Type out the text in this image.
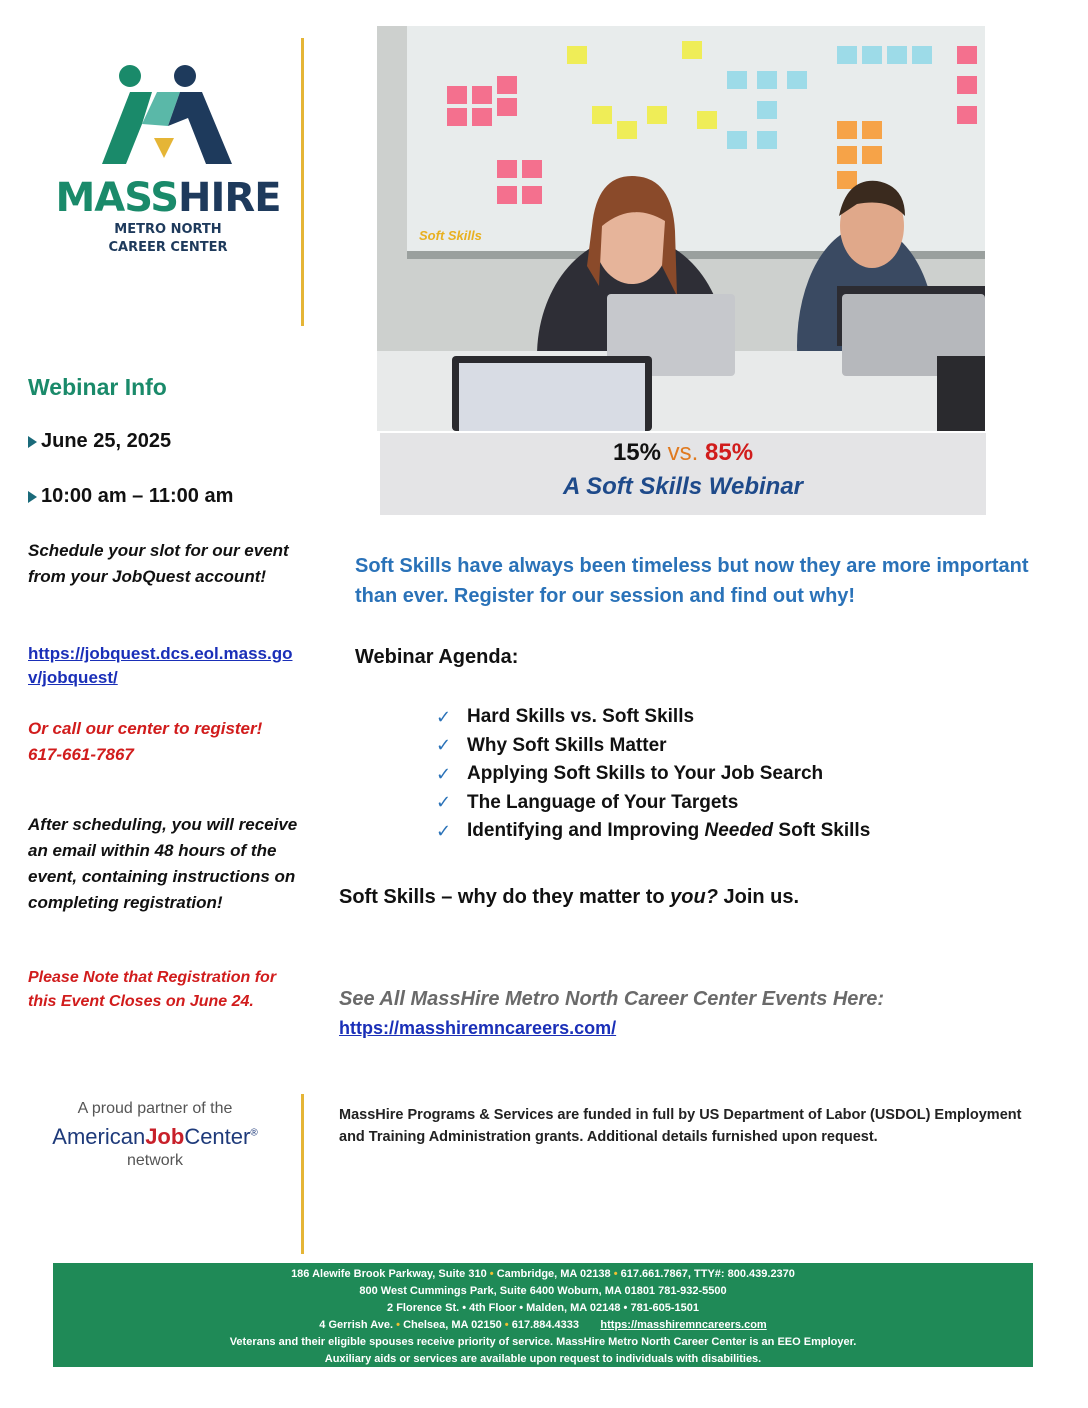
MASSHIRE
METRO NORTH
CAREER CENTER
Webinar Info
June 25, 2025
10:00 am – 11:00 am
Schedule your slot for our event from your JobQuest account!
https://jobquest.dcs.eol.mass.gov/jobquest/
Or call our center to register!
617-661-7867
After scheduling, you will receive an email within 48 hours of the event, containing instructions on completing registration!
Please Note that Registration for this Event Closes on June 24.
A proud partner of the
AmericanJobCenter®
network
Soft Skills
15% vs. 85%
A Soft Skills Webinar
Soft Skills have always been timeless but now they are more important than ever. Register for our session and find out why!
Webinar Agenda:
✓ Hard Skills vs. Soft Skills
✓ Why Soft Skills Matter
✓ Applying Soft Skills to Your Job Search
✓ The Language of Your Targets
✓ Identifying and Improving Needed Soft Skills
Soft Skills – why do they matter to you? Join us.
See All MassHire Metro North Career Center Events Here:
https://masshiremncareers.com/
MassHire Programs & Services are funded in full by US Department of Labor (USDOL) Employment and Training Administration grants. Additional details furnished upon request.
186 Alewife Brook Parkway, Suite 310 • Cambridge, MA 02138 • 617.661.7867, TTY#: 800.439.2370
800 West Cummings Park, Suite 6400 Woburn, MA 01801 781-932-5500
2 Florence St. • 4th Floor • Malden, MA 02148 • 781-605-1501
4 Gerrish Ave. • Chelsea, MA 02150 • 617.884.4333 https://masshiremncareers.com
Veterans and their eligible spouses receive priority of service. MassHire Metro North Career Center is an EEO Employer.
Auxiliary aids or services are available upon request to individuals with disabilities.
